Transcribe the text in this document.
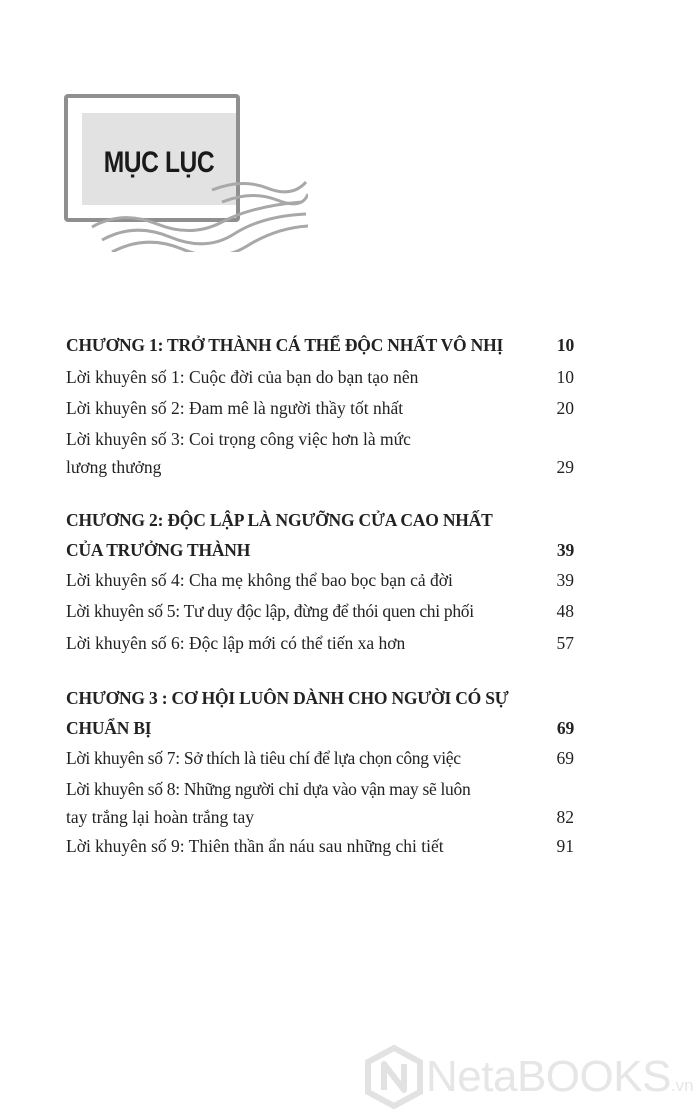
MỤC LỤC
CHƯƠNG 1: TRỞ THÀNH CÁ THỂ ĐỘC NHẤT VÔ NHỊ	10
Lời khuyên số 1: Cuộc đời của bạn do bạn tạo nên	10
Lời khuyên số 2: Đam mê là người thầy tốt nhất	20
Lời khuyên số 3: Coi trọng công việc hơn là mức
lương thưởng	29
CHƯƠNG 2: ĐỘC LẬP LÀ NGƯỠNG CỬA CAO NHẤT
CỦA TRƯỞNG THÀNH	39
Lời khuyên số 4: Cha mẹ không thể bao bọc bạn cả đời	39
Lời khuyên số 5: Tư duy độc lập, đừng để thói quen chi phối	48
Lời khuyên số 6: Độc lập mới có thể tiến xa hơn	57
CHƯƠNG 3 : CƠ HỘI LUÔN DÀNH CHO NGƯỜI CÓ SỰ
CHUẨN BỊ	69
Lời khuyên số 7: Sở thích là tiêu chí để lựa chọn công việc	69
Lời khuyên số 8: Những người chỉ dựa vào vận may sẽ luôn
tay trắng lại hoàn trắng tay	82
Lời khuyên số 9: Thiên thần ẩn náu sau những chi tiết	91
NetaBOOKS.vn
